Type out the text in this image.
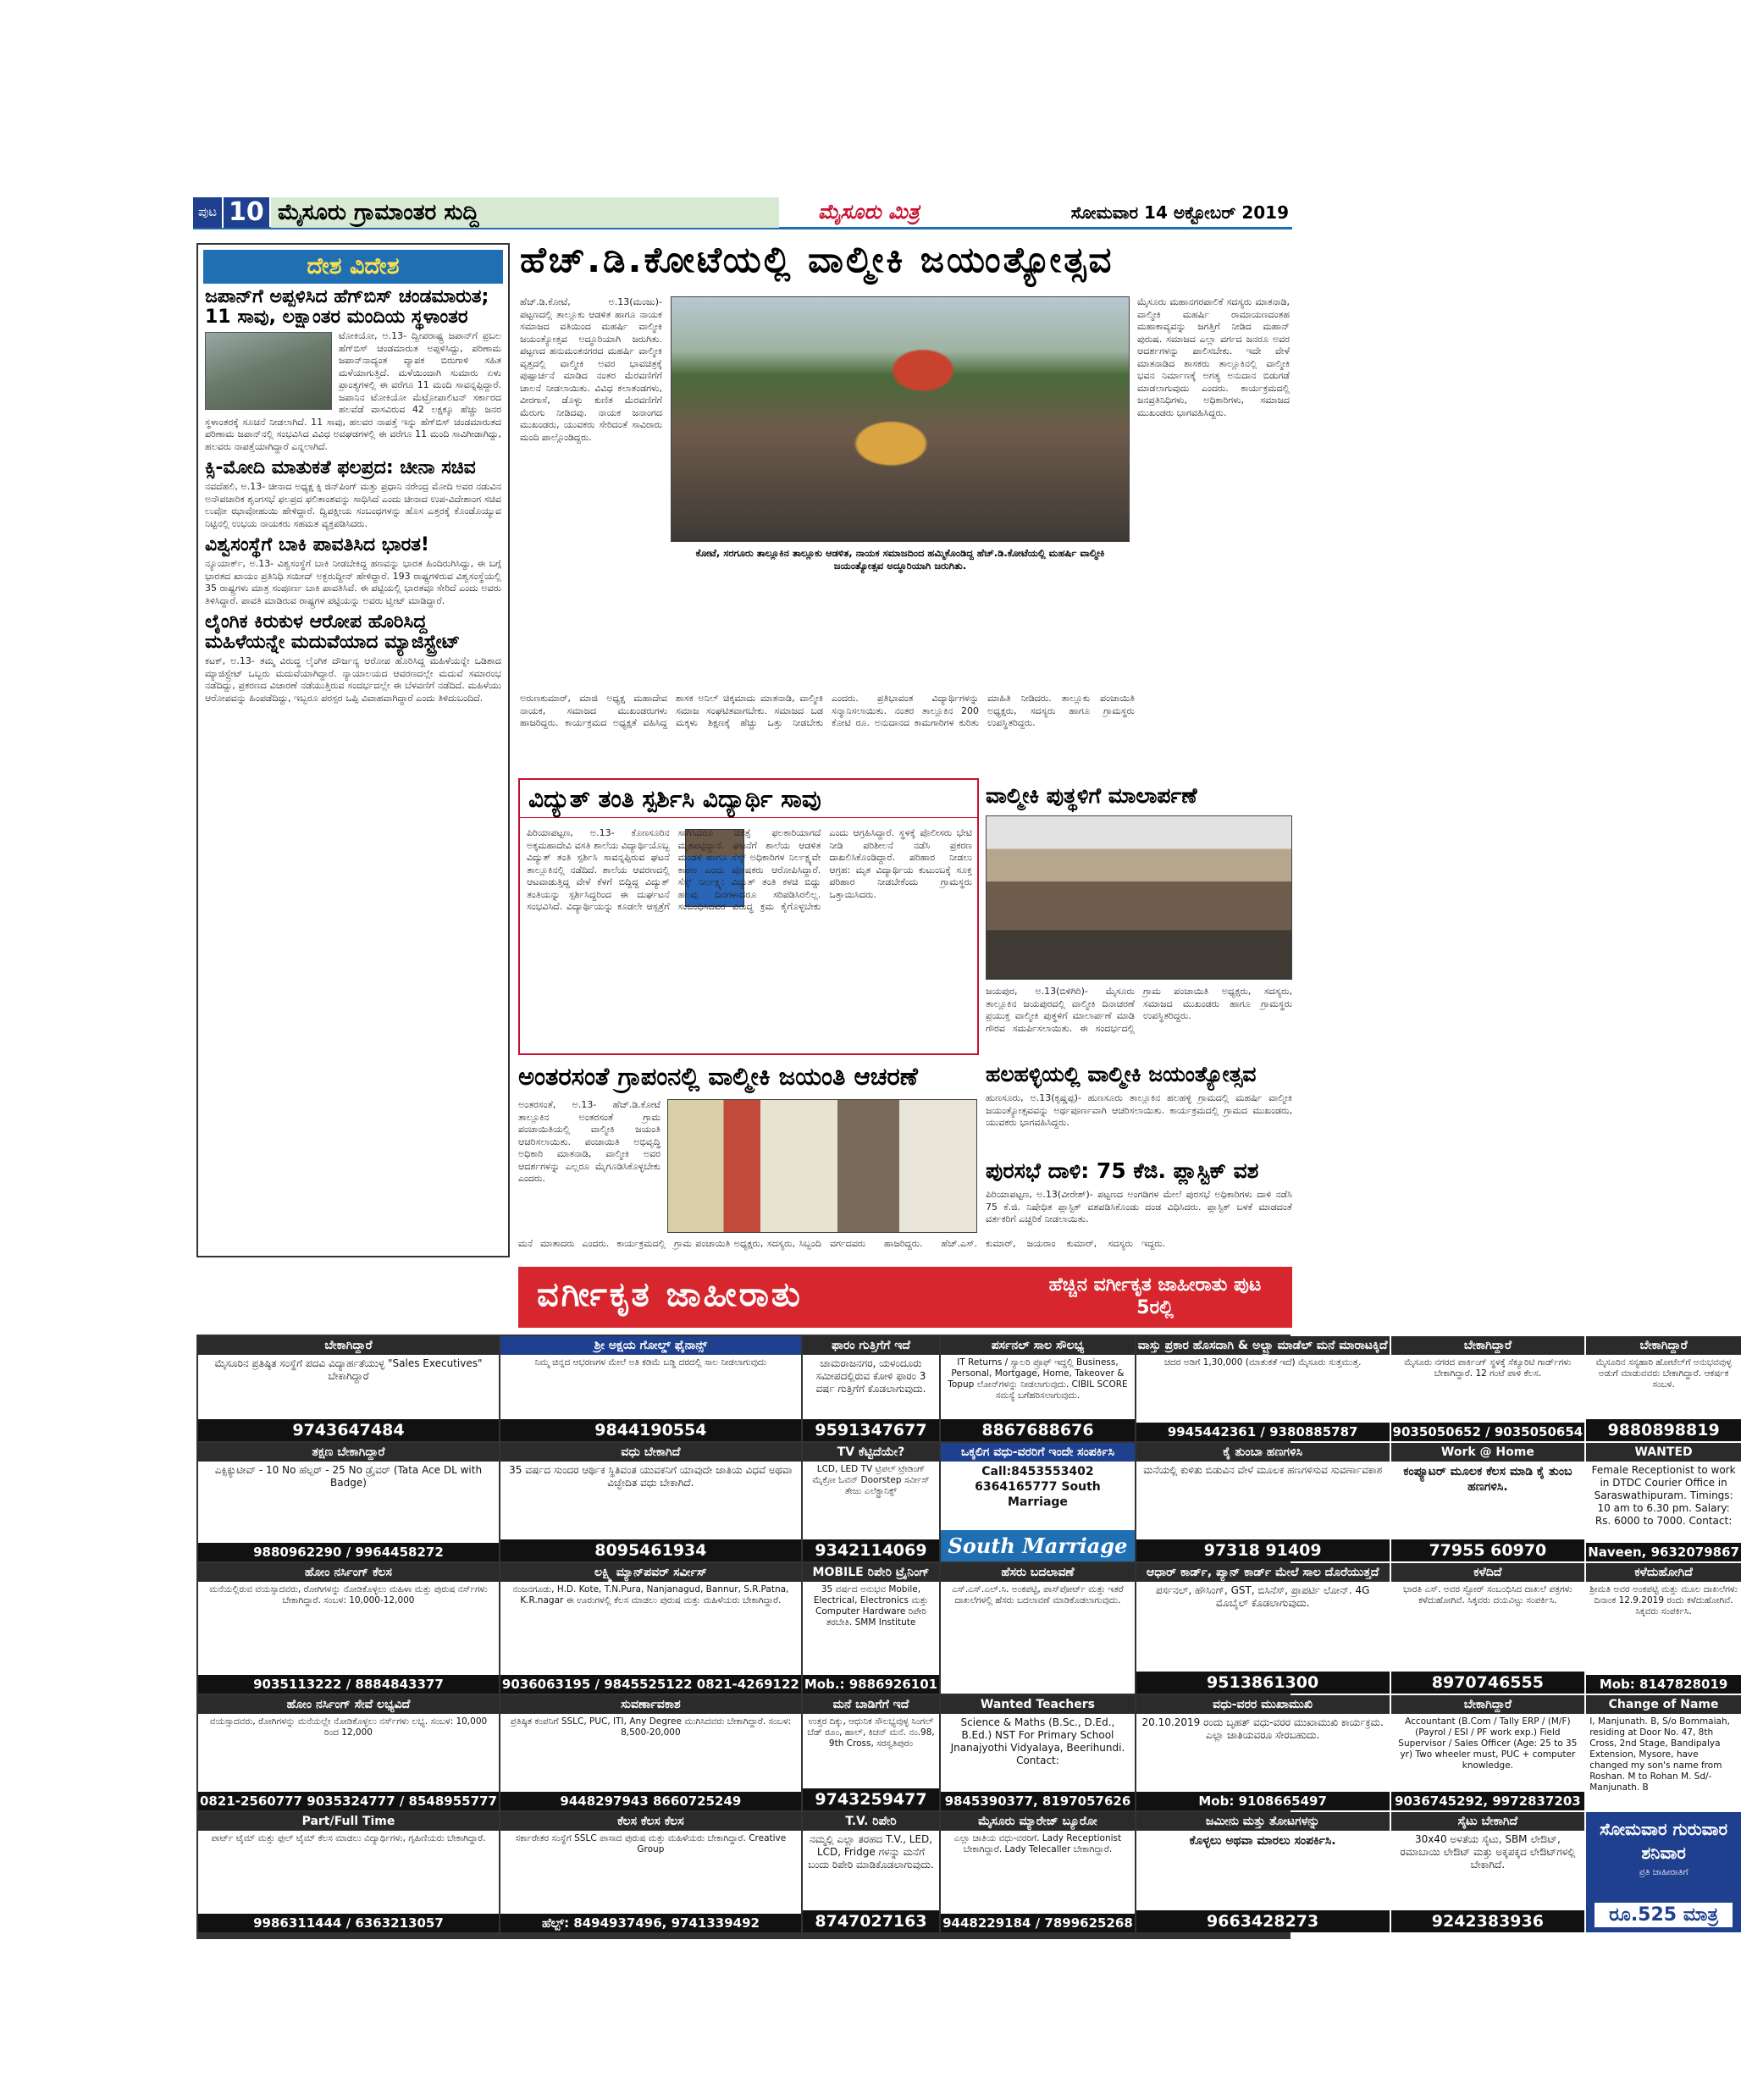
ಪುಟ 10 ಮೈಸೂರು ಗ್ರಾಮಾಂತರ ಸುದ್ದಿ	ಮೈಸೂರು ಮಿತ್ರ	ಸೋಮವಾರ 14 ಅಕ್ಟೋಬರ್ 2019
ದೇಶ ವಿದೇಶ
ಜಪಾನ್‌ಗೆ ಅಪ್ಪಳಿಸಿದ ಹೆಗ್‌ಬಿಸ್ ಚಂಡಮಾರುತ; 11 ಸಾವು, ಲಕ್ಷಾಂತರ ಮಂದಿಯ ಸ್ಥಳಾಂತರ

ಟೋಕಿಯೋ, ಅ.13- ದ್ವೀಪರಾಷ್ಟ್ರ ಜಪಾನ್‌ಗೆ ಪ್ರಬಲ ಹೆಗ್‌ಬಿಸ್ ಚಂಡಮಾರುತ ಅಪ್ಪಳಿಸಿದ್ದು, ಪರಿಣಾಮ ಜಪಾನ್‌ನಾದ್ಯಂತ ವ್ಯಾಪಕ ಬಿರುಗಾಳಿ ಸಹಿತ ಮಳೆಯಾಗುತ್ತಿದೆ. ಮಳೆಯಿಂದಾಗಿ ಸುಮಾರು ಏಳು ಪ್ರಾಂತ್ಯಗಳಲ್ಲಿ ಈ ವರೆಗೂ 11 ಮಂದಿ ಸಾವನ್ನಪ್ಪಿದ್ದಾರೆ. ಜಪಾನಿನ ಟೋಕಿಯೋ ಮೆಟ್ರೋಪಾಲಿಟನ್ ಸರ್ಕಾರದ ಹಲವೆಡೆ ವಾಸವಿರುವ 42 ಲಕ್ಷಕ್ಕೂ ಹೆಚ್ಚು ಜನರ ಸ್ಥಳಾಂತರಕ್ಕೆ ಸೂಚನೆ ನೀಡಲಾಗಿದೆ. 11 ಸಾವು, ಹಲವರ ನಾಪತ್ತೆ ಇನ್ನು ಹೆಗ್‌ಬಿಸ್ ಚಂಡಮಾರುತದ ಪರಿಣಾಮ ಜಪಾನ್‌ನಲ್ಲಿ ಸಂಭವಿಸಿದ ವಿವಿಧ ಅವಘಡಗಳಲ್ಲಿ ಈ ವರೆಗೂ 11 ಮಂದಿ ಸಾವಿಗೀಡಾಗಿದ್ದು, ಹಲವರು ನಾಪತ್ತೆಯಾಗಿದ್ದಾರೆ ಎನ್ನಲಾಗಿದೆ.

ಕ್ಸಿ-ಮೋದಿ ಮಾತುಕತೆ ಫಲಪ್ರದ: ಚೀನಾ ಸಚಿವ

ನವದೆಹಲಿ, ಅ.13- ಚೀನಾದ ಅಧ್ಯಕ್ಷ ಕ್ಸಿ ಜಿನ್‌ಪಿಂಗ್ ಮತ್ತು ಪ್ರಧಾನಿ ನರೇಂದ್ರ ಮೋದಿ ಅವರ ನಡುವಿನ ಅನೌಪಚಾರಿಕ ಶೃಂಗಸಭೆ ಫಲಪ್ರದ ಫಲಿತಾಂಶವನ್ನು ಸಾಧಿಸಿದೆ ಎಂದು ಚೀನಾದ ಉಪ-ವಿದೇಶಾಂಗ ಸಚಿವ ಲುವೋ ಝಾವೋಹುಯಿ ಹೇಳಿದ್ದಾರೆ. ದ್ವಿಪಕ್ಷೀಯ ಸಂಬಂಧಗಳನ್ನು ಹೊಸ ಎತ್ತರಕ್ಕೆ ಕೊಂಡೊಯ್ಯುವ ನಿಟ್ಟಿನಲ್ಲಿ ಉಭಯ ನಾಯಕರು ಸಹಮತ ವ್ಯಕ್ತಪಡಿಸಿದರು.

ವಿಶ್ವಸಂಸ್ಥೆಗೆ ಬಾಕಿ ಪಾವತಿಸಿದ ಭಾರತ!

ನ್ಯೂಯಾರ್ಕ್, ಅ.13- ವಿಶ್ವಸಂಸ್ಥೆಗೆ ಬಾಕಿ ನೀಡಬೇಕಿದ್ದ ಹಣವನ್ನು ಭಾರತ ಹಿಂದಿರುಗಿಸಿದ್ದು, ಈ ಬಗ್ಗೆ ಭಾರತದ ಖಾಯಂ ಪ್ರತಿನಿಧಿ ಸಯೀದ್ ಅಕ್ಬರುದ್ದೀನ್ ಹೇಳಿದ್ದಾರೆ. 193 ರಾಷ್ಟ್ರಗಳಿರುವ ವಿಶ್ವಸಂಸ್ಥೆಯಲ್ಲಿ 35 ರಾಷ್ಟ್ರಗಳು ಮಾತ್ರ ಸಂಪೂರ್ಣ ಬಾಕಿ ಪಾವತಿಸಿವೆ. ಈ ಪಟ್ಟಿಯಲ್ಲಿ ಭಾರತವೂ ಸೇರಿದೆ ಎಂದು ಅವರು ತಿಳಿಸಿದ್ದಾರೆ. ಪಾವತಿ ಮಾಡಿರುವ ರಾಷ್ಟ್ರಗಳ ಪಟ್ಟಿಯನ್ನು ಅವರು ಟ್ವೀಟ್ ಮಾಡಿದ್ದಾರೆ.

ಲೈಂಗಿಕ ಕಿರುಕುಳ ಆರೋಪ ಹೊರಿಸಿದ್ದ ಮಹಿಳೆಯನ್ನೇ ಮದುವೆಯಾದ ಮ್ಯಾಜಿಸ್ಟ್ರೇಟ್

ಕಟಕ್, ಅ.13- ತಮ್ಮ ವಿರುದ್ಧ ಲೈಂಗಿಕ ದೌರ್ಜನ್ಯ ಆರೋಪ ಹೊರಿಸಿದ್ದ ಮಹಿಳೆಯನ್ನೇ ಒಡಿಶಾದ ಮ್ಯಾಜಿಸ್ಟ್ರೇಟ್ ಒಬ್ಬರು ಮದುವೆಯಾಗಿದ್ದಾರೆ. ನ್ಯಾಯಾಲಯದ ಆವರಣದಲ್ಲೇ ಮದುವೆ ಸಮಾರಂಭ ನಡೆದಿದ್ದು, ಪ್ರಕರಣದ ವಿಚಾರಣೆ ನಡೆಯುತ್ತಿರುವ ಸಂದರ್ಭದಲ್ಲೇ ಈ ಬೆಳವಣಿಗೆ ನಡೆದಿದೆ. ಮಹಿಳೆಯು ಆರೋಪವನ್ನು ಹಿಂಪಡೆದಿದ್ದು, ಇಬ್ಬರೂ ಪರಸ್ಪರ ಒಪ್ಪಿ ವಿವಾಹವಾಗಿದ್ದಾರೆ ಎಂದು ತಿಳಿದುಬಂದಿದೆ.

ಹೆಚ್.ಡಿ.ಕೋಟೆಯಲ್ಲಿ ವಾಲ್ಮೀಕಿ ಜಯಂತ್ಯೋತ್ಸವ
ಹೆಚ್.ಡಿ.ಕೋಟೆ, ಅ.13(ಮಂಜು)- ಪಟ್ಟಣದಲ್ಲಿ ತಾಲ್ಲೂಕು ಆಡಳಿತ ಹಾಗೂ ನಾಯಕ ಸಮಾಜದ ವತಿಯಿಂದ ಮಹರ್ಷಿ ವಾಲ್ಮೀಕಿ ಜಯಂತ್ಯೋತ್ಸವ ಅದ್ಧೂರಿಯಾಗಿ ಜರುಗಿತು. ಪಟ್ಟಣದ ಹನುಮಂತನಗರದ ಮಹರ್ಷಿ ವಾಲ್ಮೀಕಿ ವೃತ್ತದಲ್ಲಿ ವಾಲ್ಮೀಕಿ ಅವರ ಭಾವಚಿತ್ರಕ್ಕೆ ಪುಷ್ಪಾರ್ಚನೆ ಮಾಡಿದ ನಂತರ ಮೆರವಣಿಗೆಗೆ ಚಾಲನೆ ನೀಡಲಾಯಿತು. ವಿವಿಧ ಕಲಾತಂಡಗಳು, ವೀರಗಾಸೆ, ಡೊಳ್ಳು ಕುಣಿತ ಮೆರವಣಿಗೆಗೆ ಮೆರುಗು ನೀಡಿದವು. ನಾಯಕ ಜನಾಂಗದ ಮುಖಂಡರು, ಯುವಕರು ಸೇರಿದಂತೆ ಸಾವಿರಾರು ಮಂದಿ ಪಾಲ್ಗೊಂಡಿದ್ದರು.
ಕೋಟೆ, ಸರಗೂರು ತಾಲ್ಲೂಕಿನ ತಾಲ್ಲೂಕು ಆಡಳಿತ, ನಾಯಕ ಸಮಾಜದಿಂದ ಹಮ್ಮಿಕೊಂಡಿದ್ದ ಹೆಚ್.ಡಿ.ಕೋಟೆಯಲ್ಲಿ ಮಹರ್ಷಿ ವಾಲ್ಮೀಕಿ ಜಯಂತ್ಯೋತ್ಸವ ಅದ್ಧೂರಿಯಾಗಿ ಜರುಗಿತು.
ಮೈಸೂರು ಮಹಾನಗರಪಾಲಿಕೆ ಸದಸ್ಯರು ಮಾತನಾಡಿ, ವಾಲ್ಮೀಕಿ ಮಹರ್ಷಿ ರಾಮಾಯಣದಂತಹ ಮಹಾಕಾವ್ಯವನ್ನು ಜಗತ್ತಿಗೆ ನೀಡಿದ ಮಹಾನ್ ಪುರುಷ. ಸಮಾಜದ ಎಲ್ಲಾ ವರ್ಗದ ಜನರೂ ಅವರ ಆದರ್ಶಗಳನ್ನು ಪಾಲಿಸಬೇಕು. ಇದೇ ವೇಳೆ ಮಾತನಾಡಿದ ಶಾಸಕರು ತಾಲ್ಲೂಕಿನಲ್ಲಿ ವಾಲ್ಮೀಕಿ ಭವನ ನಿರ್ಮಾಣಕ್ಕೆ ಅಗತ್ಯ ಅನುದಾನ ಬಿಡುಗಡೆ ಮಾಡಲಾಗುವುದು ಎಂದರು. ಕಾರ್ಯಕ್ರಮದಲ್ಲಿ ಜನಪ್ರತಿನಿಧಿಗಳು, ಅಧಿಕಾರಿಗಳು, ಸಮಾಜದ ಮುಖಂಡರು ಭಾಗವಹಿಸಿದ್ದರು.
ಅರುಣಕುಮಾರ್, ಮಾಜಿ ಅಧ್ಯಕ್ಷ ಮಹಾದೇವ ನಾಯಕ, ಸಮಾಜದ ಮುಖಂಡರುಗಳು ಹಾಜರಿದ್ದರು. ಕಾರ್ಯಕ್ರಮದ ಅಧ್ಯಕ್ಷತೆ ವಹಿಸಿದ್ದ ಶಾಸಕ ಅನಿಲ್ ಚಿಕ್ಕಮಾದು ಮಾತನಾಡಿ, ವಾಲ್ಮೀಕಿ ಸಮಾಜ ಸಂಘಟಿತವಾಗಬೇಕು. ಸಮಾಜದ ಬಡ ಮಕ್ಕಳು ಶಿಕ್ಷಣಕ್ಕೆ ಹೆಚ್ಚು ಒತ್ತು ನೀಡಬೇಕು ಎಂದರು. ಪ್ರತಿಭಾವಂತ ವಿದ್ಯಾರ್ಥಿಗಳನ್ನು ಸನ್ಮಾನಿಸಲಾಯಿತು. ನಂತರ ತಾಲ್ಲೂಕಿನ 200 ಕೋಟಿ ರೂ. ಅನುದಾನದ ಕಾಮಗಾರಿಗಳ ಕುರಿತು ಮಾಹಿತಿ ನೀಡಿದರು. ತಾಲ್ಲೂಕು ಪಂಚಾಯಿತಿ ಅಧ್ಯಕ್ಷರು, ಸದಸ್ಯರು ಹಾಗೂ ಗ್ರಾಮಸ್ಥರು ಉಪಸ್ಥಿತರಿದ್ದರು.
ವಿದ್ಯುತ್ ತಂತಿ ಸ್ಪರ್ಶಿಸಿ ವಿದ್ಯಾರ್ಥಿ ಸಾವು
ಪಿರಿಯಾಪಟ್ಟಣ, ಅ.13- ಕೊಣಸೂರಿನ ಅಕ್ಕಮಹಾದೇವಿ ವಸತಿ ಶಾಲೆಯ ವಿದ್ಯಾರ್ಥಿಯೊಬ್ಬ ವಿದ್ಯುತ್ ತಂತಿ ಸ್ಪರ್ಶಿಸಿ ಸಾವನ್ನಪ್ಪಿರುವ ಘಟನೆ ತಾಲ್ಲೂಕಿನಲ್ಲಿ ನಡೆದಿದೆ. ಶಾಲೆಯ ಆವರಣದಲ್ಲಿ ಆಟವಾಡುತ್ತಿದ್ದ ವೇಳೆ ಕೆಳಗೆ ಬಿದ್ದಿದ್ದ ವಿದ್ಯುತ್ ತಂತಿಯನ್ನು ಸ್ಪರ್ಶಿಸಿದ್ದರಿಂದ ಈ ದುರ್ಘಟನೆ ಸಂಭವಿಸಿದೆ. ವಿದ್ಯಾರ್ಥಿಯನ್ನು ಕೂಡಲೇ ಆಸ್ಪತ್ರೆಗೆ ಸಾಗಿಸಿದರೂ ಚಿಕಿತ್ಸೆ ಫಲಕಾರಿಯಾಗದೆ ಮೃತಪಟ್ಟಿದ್ದಾನೆ. ಘಟನೆಗೆ ಶಾಲೆಯ ಆಡಳಿತ ಮಂಡಳಿ ಹಾಗೂ ಸೆಸ್ಕ್ ಅಧಿಕಾರಿಗಳ ನಿರ್ಲಕ್ಷ್ಯವೇ ಕಾರಣ ಎಂದು ಪೋಷಕರು ಆರೋಪಿಸಿದ್ದಾರೆ. ಸೆಸ್ಕ್ ನಿರ್ಲಕ್ಷ್ಯ: ವಿದ್ಯುತ್ ತಂತಿ ಕಳಚಿ ಬಿದ್ದು ಹಲವು ದಿನಗಳಾದರೂ ಸರಿಪಡಿಸಿರಲಿಲ್ಲ. ಸಂಬಂಧಿಸಿದವರ ವಿರುದ್ಧ ಕ್ರಮ ಕೈಗೊಳ್ಳಬೇಕು ಎಂದು ಆಗ್ರಹಿಸಿದ್ದಾರೆ. ಸ್ಥಳಕ್ಕೆ ಪೊಲೀಸರು ಭೇಟಿ ನೀಡಿ ಪರಿಶೀಲನೆ ನಡೆಸಿ ಪ್ರಕರಣ ದಾಖಲಿಸಿಕೊಂಡಿದ್ದಾರೆ. ಪರಿಹಾರ ನೀಡಲು ಆಗ್ರಹ: ಮೃತ ವಿದ್ಯಾರ್ಥಿಯ ಕುಟುಂಬಕ್ಕೆ ಸೂಕ್ತ ಪರಿಹಾರ ನೀಡಬೇಕೆಂದು ಗ್ರಾಮಸ್ಥರು ಒತ್ತಾಯಿಸಿದರು.
ವಾಲ್ಮೀಕಿ ಪುತ್ಥಳಿಗೆ ಮಾಲಾರ್ಪಣೆ
ಜಯಪುರ, ಅ.13(ಬಿಳಿಗಿರಿ)- ಮೈಸೂರು ತಾಲ್ಲೂಕಿನ ಜಯಪುರದಲ್ಲಿ ವಾಲ್ಮೀಕಿ ದಿನಾಚರಣೆ ಪ್ರಯುಕ್ತ ವಾಲ್ಮೀಕಿ ಪುತ್ಥಳಿಗೆ ಮಾಲಾರ್ಪಣೆ ಮಾಡಿ ಗೌರವ ಸಮರ್ಪಿಸಲಾಯಿತು. ಈ ಸಂದರ್ಭದಲ್ಲಿ ಗ್ರಾಮ ಪಂಚಾಯಿತಿ ಅಧ್ಯಕ್ಷರು, ಸದಸ್ಯರು, ಸಮಾಜದ ಮುಖಂಡರು ಹಾಗೂ ಗ್ರಾಮಸ್ಥರು ಉಪಸ್ಥಿತರಿದ್ದರು.
ಹಲಹಳ್ಳಿಯಲ್ಲಿ ವಾಲ್ಮೀಕಿ ಜಯಂತ್ಯೋತ್ಸವ
ಹುಣಸೂರು, ಅ.13(ಕೃಷ್ಣಪ್ಪ)- ಹುಣಸೂರು ತಾಲ್ಲೂಕಿನ ಹಲಹಳ್ಳಿ ಗ್ರಾಮದಲ್ಲಿ ಮಹರ್ಷಿ ವಾಲ್ಮೀಕಿ ಜಯಂತ್ಯೋತ್ಸವವನ್ನು ಅರ್ಥಪೂರ್ಣವಾಗಿ ಆಚರಿಸಲಾಯಿತು. ಕಾರ್ಯಕ್ರಮದಲ್ಲಿ ಗ್ರಾಮದ ಮುಖಂಡರು, ಯುವಕರು ಭಾಗವಹಿಸಿದ್ದರು.
ಪುರಸಭೆ ದಾಳಿ: 75 ಕೆಜಿ. ಪ್ಲಾಸ್ಟಿಕ್ ವಶ
ಪಿರಿಯಾಪಟ್ಟಣ, ಅ.13(ವೀರೇಶ್)- ಪಟ್ಟಣದ ಅಂಗಡಿಗಳ ಮೇಲೆ ಪುರಸಭೆ ಅಧಿಕಾರಿಗಳು ದಾಳಿ ನಡೆಸಿ 75 ಕೆ.ಜಿ. ನಿಷೇಧಿತ ಪ್ಲಾಸ್ಟಿಕ್ ವಶಪಡಿಸಿಕೊಂಡು ದಂಡ ವಿಧಿಸಿದರು. ಪ್ಲಾಸ್ಟಿಕ್ ಬಳಕೆ ಮಾಡದಂತೆ ವರ್ತಕರಿಗೆ ಎಚ್ಚರಿಕೆ ನೀಡಲಾಯಿತು.
ಅಂತರಸಂತೆ ಗ್ರಾಪಂನಲ್ಲಿ ವಾಲ್ಮೀಕಿ ಜಯಂತಿ ಆಚರಣೆ
ಅಂತರಸಂತೆ, ಅ.13- ಹೆಚ್.ಡಿ.ಕೋಟೆ ತಾಲ್ಲೂಕಿನ ಅಂತರಸಂತೆ ಗ್ರಾಮ ಪಂಚಾಯಿತಿಯಲ್ಲಿ ವಾಲ್ಮೀಕಿ ಜಯಂತಿ ಆಚರಿಸಲಾಯಿತು. ಪಂಚಾಯಿತಿ ಅಭಿವೃದ್ಧಿ ಅಧಿಕಾರಿ ಮಾತನಾಡಿ, ವಾಲ್ಮೀಕಿ ಅವರ ಆದರ್ಶಗಳನ್ನು ಎಲ್ಲರೂ ಮೈಗೂಡಿಸಿಕೊಳ್ಳಬೇಕು ಎಂದರು.
ಮನೆ ಮಾತಾದರು ಎಂದರು. ಕಾರ್ಯಕ್ರಮದಲ್ಲಿ ಗ್ರಾಮ ಪಂಚಾಯಿತಿ ಅಧ್ಯಕ್ಷರು, ಸದಸ್ಯರು, ಸಿಬ್ಬಂದಿ ವರ್ಗದವರು ಹಾಜರಿದ್ದರು. ಹೆಚ್.ಎಸ್. ಕುಮಾರ್, ಜಯರಾಂ ಕುಮಾರ್, ಸದಸ್ಯರು ಇದ್ದರು.
ವರ್ಗೀಕೃತ ಜಾಹೀರಾತು	ಹೆಚ್ಚಿನ ವರ್ಗೀಕೃತ ಜಾಹೀರಾತು ಪುಟ 5ರಲ್ಲಿ
ಬೇಕಾಗಿದ್ದಾರೆ
ಮೈಸೂರಿನ ಪ್ರತಿಷ್ಠಿತ ಸಂಸ್ಥೆಗೆ ಪದವಿ ವಿದ್ಯಾರ್ಹತೆಯುಳ್ಳ "Sales Executives" ಬೇಕಾಗಿದ್ದಾರೆ
9743647484
ಶ್ರೀ ಅಕ್ಷಯ ಗೋಲ್ಡ್ ಫೈನಾನ್ಸ್
ನಿಮ್ಮ ಚಿನ್ನದ ಆಭರಣಗಳ ಮೇಲೆ ಅತಿ ಕಡಿಮೆ ಬಡ್ಡಿ ದರದಲ್ಲಿ ಸಾಲ ನೀಡಲಾಗುವುದು
9844190554
ಫಾರಂ ಗುತ್ತಿಗೆಗೆ ಇದೆ
ಚಾಮರಾಜನಗರ, ಯಳಂದೂರು ಸಮೀಪದಲ್ಲಿರುವ ಕೋಳಿ ಫಾರಂ 3 ವರ್ಷ ಗುತ್ತಿಗೆಗೆ ಕೊಡಲಾಗುವುದು.
9591347677
ಪರ್ಸನಲ್ ಸಾಲ ಸೌಲಭ್ಯ
IT Returns / ಸ್ಯಾಲರಿ ಪ್ರೂಫ್ ಇದ್ದಲ್ಲಿ Business, Personal, Mortgage, Home, Takeover & Topup ಲೋನ್‌ಗಳನ್ನು ನೀಡಲಾಗುವುದು. CIBIL SCORE ಸಮಸ್ಯೆ ಬಗೆಹರಿಸಲಾಗುವುದು.
8867688676
ವಾಸ್ತು ಪ್ರಕಾರ ಹೊಸದಾಗಿ & ಅಲ್ಟ್ರಾ ಮಾಡೆಲ್ ಮನೆ ಮಾರಾಟಕ್ಕಿದೆ
ಚದರ ಅಡಿಗೆ 1,30,000 (ಮಾತುಕತೆ ಇದೆ) ಮೈಸೂರು ಸುತ್ತಮುತ್ತ.
9945442361 / 9380885787
ಬೇಕಾಗಿದ್ದಾರೆ
ಮೈಸೂರು ನಗರದ ಪಾರ್ಕಿಂಗ್ ಸ್ಥಳಕ್ಕೆ ಸೆಕ್ಯೂರಿಟಿ ಗಾರ್ಡ್‌ಗಳು ಬೇಕಾಗಿದ್ದಾರೆ. 12 ಗಂಟೆ ಪಾಳಿ ಕೆಲಸ.
9035050652 / 9035050654
ಬೇಕಾಗಿದ್ದಾರೆ
ಮೈಸೂರಿನ ಸಸ್ಯಹಾರಿ ಹೋಟೆಲ್‌ಗೆ ಅನುಭವವುಳ್ಳ ಅಡುಗೆ ಮಾಡುವವರು ಬೇಕಾಗಿದ್ದಾರೆ. ಆಕರ್ಷಕ ಸಂಬಳ.
9880898819
ತಕ್ಷಣ ಬೇಕಾಗಿದ್ದಾರೆ
ಎಕ್ಸಿಕ್ಯುಟೀವ್ - 10 No ಹೆಲ್ಪರ್ - 25 No ಡ್ರೈವರ್ (Tata Ace DL with Badge)
9880962290 / 9964458272
ವಧು ಬೇಕಾಗಿದೆ
35 ವರ್ಷದ ಸುಂದರ ಆರ್ಥಿಕ ಸ್ಥಿತಿವಂತ ಯುವಕನಿಗೆ ಯಾವುದೇ ಜಾತಿಯ ವಿಧವೆ ಅಥವಾ ವಿಚ್ಛೇದಿತ ವಧು ಬೇಕಾಗಿದೆ.
8095461934
TV ಕೆಟ್ಟಿದೆಯೇ?
LCD, LED TV ಟ್ರಿಪಲ್ ಟ್ರೇಡಿಂಗ್ ಮೈಕ್ರೋ ಓವನ್ Doorstep ಸರ್ವೀಸ್ ತೇಜು ಎಲೆಕ್ಟ್ರಾನಿಕ್ಸ್
9342114069
ಒಕ್ಕಲಿಗ ವಧು-ವರರಿಗೆ ಇಂದೇ ಸಂಪರ್ಕಿಸಿ
Call:8453553402 6364165777 South Marriage
South Marriage
ಕೈ ತುಂಬಾ ಹಣಗಳಿಸಿ
ಮನೆಯಲ್ಲಿ ಕುಳಿತು ಬಿಡುವಿನ ವೇಳೆ ಮೂಲಕ ಹಣಗಳಿಸುವ ಸುವರ್ಣಾವಕಾಶ
97318 91409
Work @ Home
ಕಂಪ್ಯೂಟರ್ ಮೂಲಕ ಕೆಲಸ ಮಾಡಿ ಕೈ ತುಂಬ ಹಣಗಳಿಸಿ.
77955 60970
WANTED
Female Receptionist to work in DTDC Courier Office in Saraswathipuram. Timings: 10 am to 6.30 pm. Salary: Rs. 6000 to 7000. Contact:
Naveen, 9632079867
ಹೋಂ ನರ್ಸಿಂಗ್ ಕೆಲಸ
ಮನೆಯಲ್ಲಿರುವ ವಯಸ್ಸಾದವರು, ರೋಗಿಗಳನ್ನು ನೋಡಿಕೊಳ್ಳಲು ಮಹಿಳಾ ಮತ್ತು ಪುರುಷ ನರ್ಸ್‌ಗಳು ಬೇಕಾಗಿದ್ದಾರೆ. ಸಂಬಳ: 10,000-12,000
9035113222 / 8884843377
ಲಕ್ಷ್ಮಿ ಮ್ಯಾನ್‌ಪವರ್ ಸರ್ವೀಸ್
ನಂಜನಗೂಡು, H.D. Kote, T.N.Pura, Nanjanagud, Bannur, S.R.Patna, K.R.nagar ಈ ಊರುಗಳಲ್ಲಿ ಕೆಲಸ ಮಾಡಲು ಪುರುಷ ಮತ್ತು ಮಹಿಳೆಯರು ಬೇಕಾಗಿದ್ದಾರೆ.
9036063195 / 9845525122 0821-4269122
MOBILE ರಿಪೇರಿ ಟ್ರೈನಿಂಗ್
35 ವರ್ಷದ ಅನುಭವ Mobile, Electrical, Electronics ಮತ್ತು Computer Hardware ರಿಪೇರಿ ತರಬೇತಿ. SMM Institute
Mob.: 9886926101
ಹೆಸರು ಬದಲಾವಣೆ
ಎಸ್.ಎಸ್.ಎಲ್.ಸಿ. ಅಂಕಪಟ್ಟಿ, ಪಾಸ್‌ಪೋರ್ಟ್ ಮತ್ತು ಇತರೆ ದಾಖಲೆಗಳಲ್ಲಿ ಹೆಸರು ಬದಲಾವಣೆ ಮಾಡಿಕೊಡಲಾಗುವುದು.
ಆಧಾರ್ ಕಾರ್ಡ್, ಪ್ಯಾನ್ ಕಾರ್ಡ್ ಮೇಲೆ ಸಾಲ ದೊರೆಯುತ್ತದೆ
ಪರ್ಸನಲ್, ಹೌಸಿಂಗ್, GST, ಬಿಸಿನೆಸ್, ಪ್ರಾಪರ್ಟಿ ಲೋನ್. 4G ಮೊಬೈಲ್ ಕೊಡಲಾಗುವುದು.
9513861300
ಕಳೆದಿದೆ
ಭಾರತಿ ಎಸ್. ಅವರ ಸ್ಟೋರ್ ಸಂಬಂಧಿಸಿದ ದಾಖಲೆ ಪತ್ರಗಳು ಕಳೆದುಹೋಗಿವೆ. ಸಿಕ್ಕವರು ದಯವಿಟ್ಟು ಸಂಪರ್ಕಿಸಿ.
8970746555
ಕಳೆದುಹೋಗಿದೆ
ಶ್ರೀಮತಿ ಅವರ ಅಂಕಪಟ್ಟಿ ಮತ್ತು ಮೂಲ ದಾಖಲೆಗಳು ದಿನಾಂಕ 12.9.2019 ರಂದು ಕಳೆದುಹೋಗಿವೆ. ಸಿಕ್ಕವರು ಸಂಪರ್ಕಿಸಿ.
Mob: 8147828019
ಹೋಂ ನರ್ಸಿಂಗ್ ಸೇವೆ ಲಭ್ಯವಿದೆ
ವಯಸ್ಸಾದವರು, ರೋಗಿಗಳನ್ನು ಮನೆಯಲ್ಲೇ ನೋಡಿಕೊಳ್ಳಲು ನರ್ಸ್‌ಗಳು ಲಭ್ಯ. ಸಂಬಳ: 10,000 ರಿಂದ 12,000
0821-2560777 9035324777 / 8548955777
ಸುವರ್ಣಾವಕಾಶ
ಪ್ರತಿಷ್ಠಿತ ಕಂಪನಿಗೆ SSLC, PUC, ITI, Any Degree ಮುಗಿಸಿದವರು ಬೇಕಾಗಿದ್ದಾರೆ. ಸಂಬಳ: 8,500-20,000
9448297943 8660725249
ಮನೆ ಬಾಡಿಗೆಗೆ ಇದೆ
ಉತ್ತರ ದಿಕ್ಕು, ಆಧುನಿಕ ಸೌಲಭ್ಯವುಳ್ಳ ಸಿಂಗಲ್ ಬೆಡ್ ರೂಂ, ಹಾಲ್, ಕಿಚನ್ ಮನೆ. ನಂ.98, 9th Cross, ಸರಸ್ವತಿಪುರಂ
9743259477
Wanted Teachers
Science & Maths (B.Sc., D.Ed., B.Ed.) NST For Primary School Jnanajyothi Vidyalaya, Beerihundi. Contact:
9845390377, 8197057626
ವಧು-ವರರ ಮುಖಾಮುಖಿ
20.10.2019 ರಂದು ಬೃಹತ್ ವಧು-ವರರ ಮುಖಾಮುಖಿ ಕಾರ್ಯಕ್ರಮ. ಎಲ್ಲಾ ಜಾತಿಯವರೂ ಸೇರಬಹುದು.
Mob: 9108665497
ಬೇಕಾಗಿದ್ದಾರೆ
Accountant (B.Com / Tally ERP / (M/F) (Payrol / ESI / PF work exp.) Field Supervisor / Sales Officer (Age: 25 to 35 yr) Two wheeler must, PUC + computer knowledge.
9036745292, 9972837203
Change of Name
I, Manjunath. B, S/o Bommaiah, residing at Door No. 47, 8th Cross, 2nd Stage, Bandipalya Extension, Mysore, have changed my son's name from Roshan. M to Rohan M. Sd/- Manjunath. B
Part/Full Time
ಪಾರ್ಟ್ ಟೈಮ್ ಮತ್ತು ಫುಲ್ ಟೈಮ್ ಕೆಲಸ ಮಾಡಲು ವಿದ್ಯಾರ್ಥಿಗಳು, ಗೃಹಿಣಿಯರು ಬೇಕಾಗಿದ್ದಾರೆ.
9986311444 / 6363213057
ಕೆಲಸ ಕೆಲಸ ಕೆಲಸ
ಸರ್ಕಾರೇತರ ಸಂಸ್ಥೆಗೆ SSLC ಪಾಸಾದ ಪುರುಷ ಮತ್ತು ಮಹಿಳೆಯರು ಬೇಕಾಗಿದ್ದಾರೆ. Creative Group
ಹೆಲ್ಪ್: 8494937496, 9741339492
T.V. ರಿಪೇರಿ
ನಮ್ಮಲ್ಲಿ ಎಲ್ಲಾ ತರಹದ T.V., LED, LCD, Fridge ಗಳನ್ನು ಮನೆಗೆ ಬಂದು ರಿಪೇರಿ ಮಾಡಿಕೊಡಲಾಗುವುದು.
8747027163
ಮೈಸೂರು ಮ್ಯಾರೇಜ್ ಬ್ಯೂರೋ
ಎಲ್ಲಾ ಜಾತಿಯ ವಧು-ವರರಿಗೆ. Lady Receptionist ಬೇಕಾಗಿದ್ದಾರೆ. Lady Telecaller ಬೇಕಾಗಿದ್ದಾರೆ.
9448229184 / 7899625268
ಜಮೀನು ಮತ್ತು ತೋಟಗಳನ್ನು
ಕೊಳ್ಳಲು ಅಥವಾ ಮಾರಲು ಸಂಪರ್ಕಿಸಿ.
9663428273
ಸೈಟು ಬೇಕಾಗಿದೆ
30x40 ಅಳತೆಯ ಸೈಟು, SBM ಲೇಔಟ್, ರಮಾಬಾಯಿ ಲೇಔಟ್ ಮತ್ತು ಅಕ್ಕಪಕ್ಕದ ಲೇಔಟ್‌ಗಳಲ್ಲಿ ಬೇಕಾಗಿದೆ.
9242383936
ಸೋಮವಾರ ಗುರುವಾರ ಶನಿವಾರ
ಪ್ರತಿ ಜಾಹೀರಾತಿಗೆ
ರೂ.525 ಮಾತ್ರ
